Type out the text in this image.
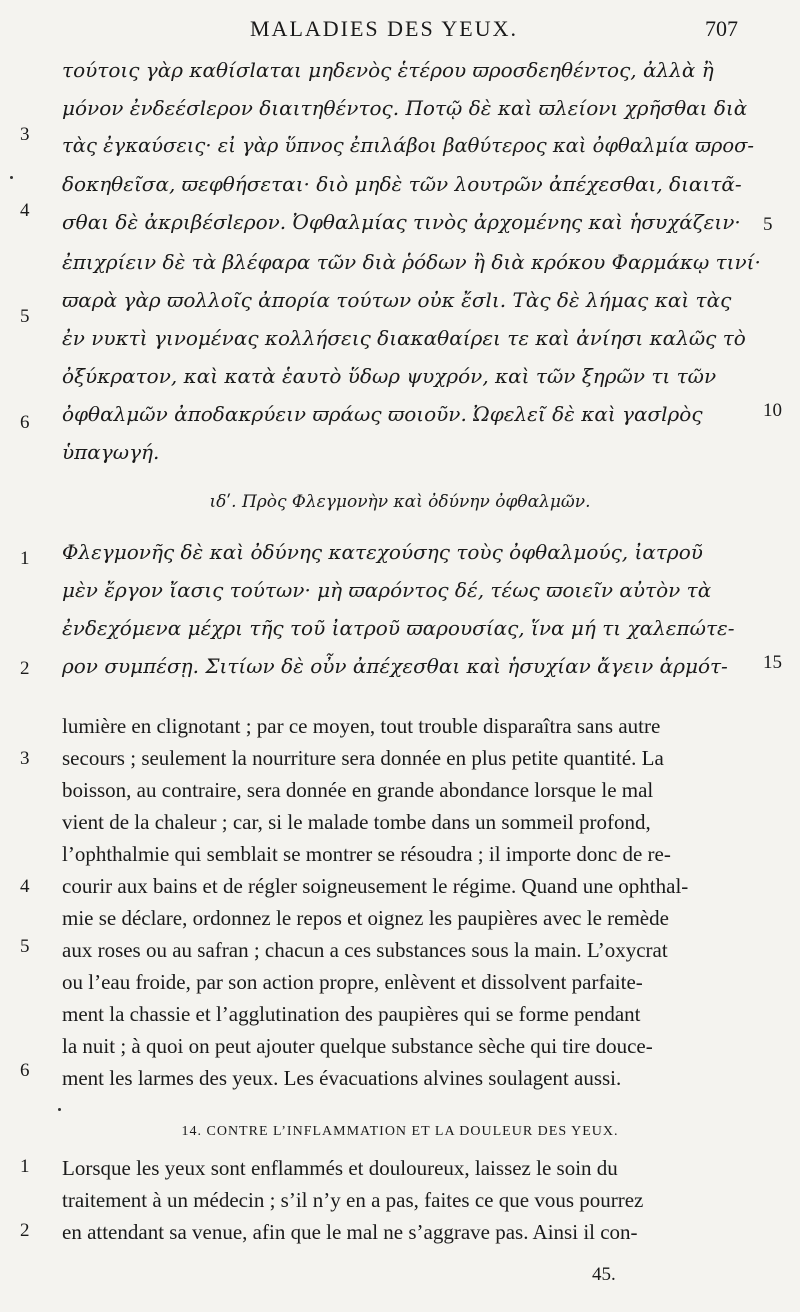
MALADIES DES YEUX.	707
τούτοις γὰρ καθίσlαται μηδενὸς ἑτέρου ϖροσδεηθέντος, ἀλλὰ ἢ
μόνον ἐνδεέσlερον διαιτηθέντος. Ποτῷ δὲ καὶ ϖλείονι χρῆσθαι διὰ
τὰς ἐγκαύσεις· εἰ γὰρ ὕπνος ἐπιλάβοι βαθύτερος καὶ ὀφθαλμία ϖροσ-
δοκηθεῖσα, ϖεφθήσεται· διὸ μηδὲ τῶν λουτρῶν ἀπέχεσθαι, διαιτᾶ-
σθαι δὲ ἀκριβέσlερον. Ὀφθαλμίας τινὸς ἀρχομένης καὶ ἡσυχάζειν·
ἐπιχρίειν δὲ τὰ βλέφαρα τῶν διὰ ῥόδων ἢ διὰ κρόκου Φαρμάκῳ τινί·
ϖαρὰ γὰρ ϖολλοῖς ἀπορία τούτων οὐκ ἔσlι. Τὰς δὲ λήμας καὶ τὰς
ἐν νυκτὶ γινομένας κολλήσεις διακαθαίρει τε καὶ ἀνίησι καλῶς τὸ
ὀξύκρατον, καὶ κατὰ ἑαυτὸ ὕδωρ ψυχρόν, καὶ τῶν ξηρῶν τι τῶν
ὀφθαλμῶν ἀποδακρύειν ϖράως ϖοιοῦν. Ὠφελεῖ δὲ καὶ γασlρὸς
ὑπαγωγή.
3
4
5
6
5
10
ιδʹ. Πρὸς Φλεγμονὴν καὶ ὀδύνην ὀφθαλμῶν.
Φλεγμονῆς δὲ καὶ ὀδύνης κατεχούσης τοὺς ὀφθαλμούς, ἰατροῦ
μὲν ἔργον ἴασις τούτων· μὴ ϖαρόντος δέ, τέως ϖοιεῖν αὐτὸν τὰ
ἐνδεχόμενα μέχρι τῆς τοῦ ἰατροῦ ϖαρουσίας, ἵνα μή τι χαλεπώτε-
ρον συμπέσῃ. Σιτίων δὲ οὖν ἀπέχεσθαι καὶ ἡσυχίαν ἄγειν ἁρμότ-
1
2	15
lumière en clignotant ; par ce moyen, tout trouble disparaîtra sans autre
secours ; seulement la nourriture sera donnée en plus petite quantité. La
boisson, au contraire, sera donnée en grande abondance lorsque le mal
vient de la chaleur ; car, si le malade tombe dans un sommeil profond,
l’ophthalmie qui semblait se montrer se résoudra ; il importe donc de re-
courir aux bains et de régler soigneusement le régime. Quand une ophthal-
mie se déclare, ordonnez le repos et oignez les paupières avec le remède
aux roses ou au safran ; chacun a ces substances sous la main. L’oxycrat
ou l’eau froide, par son action propre, enlèvent et dissolvent parfaite-
ment la chassie et l’agglutination des paupières qui se forme pendant
la nuit ; à quoi on peut ajouter quelque substance sèche qui tire douce-
ment les larmes des yeux. Les évacuations alvines soulagent aussi.
3
4
5
6
14. CONTRE L’INFLAMMATION ET LA DOULEUR DES YEUX.
Lorsque les yeux sont enflammés et douloureux, laissez le soin du
traitement à un médecin ; s’il n’y en a pas, faites ce que vous pourrez
en attendant sa venue, afin que le mal ne s’aggrave pas. Ainsi il con-
1
2
45.
